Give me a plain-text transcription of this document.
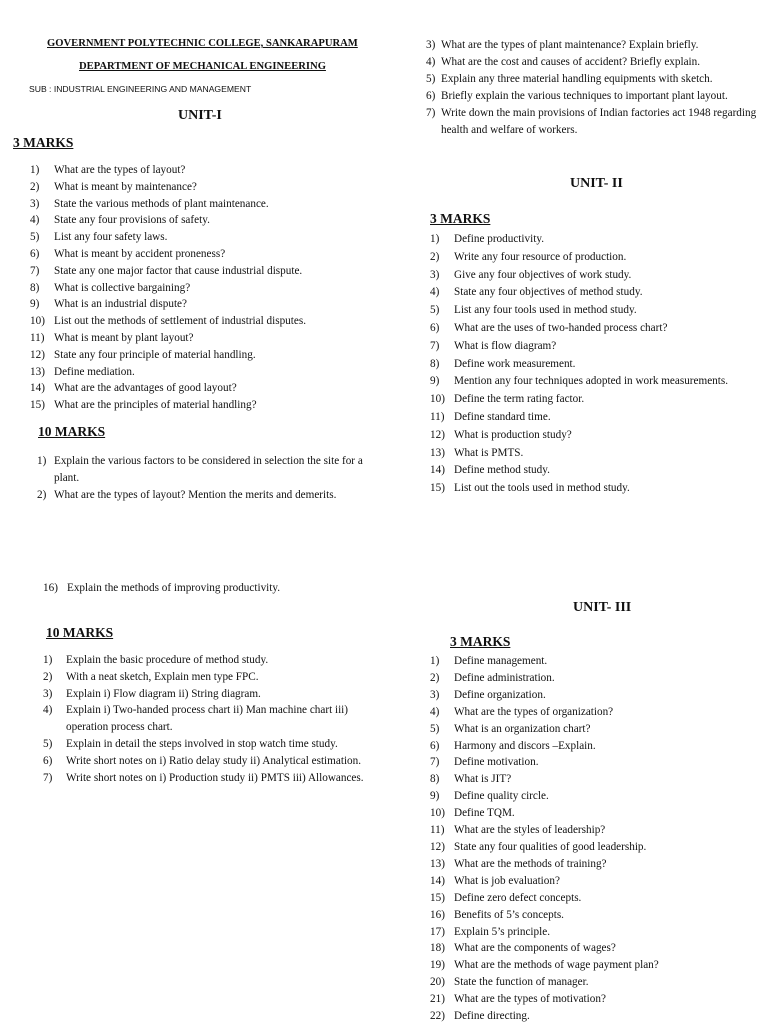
GOVERNMENT POLYTECHNIC COLLEGE, SANKARAPURAM
DEPARTMENT OF MECHANICAL ENGINEERING
SUB : INDUSTRIAL ENGINEERING AND MANAGEMENT
UNIT-I
3 MARKS
1)	What are the types of layout?
2)	What is meant by maintenance?
3)	State the various methods of plant maintenance.
4)	State any four provisions of safety.
5)	List any four safety laws.
6)	What is meant by accident proneness?
7)	State any one major factor that cause industrial dispute.
8)	What is collective bargaining?
9)	What is an industrial dispute?
10) List out the methods of settlement of industrial disputes.
11) What is meant by plant layout?
12) State any four principle of material handling.
13) Define mediation.
14) What are the advantages of good layout?
15) What are the principles of material handling?
10 MARKS
1) Explain the various factors to be considered in selection the site for a plant.
2) What are the types of layout? Mention the merits and demerits.
3) What are the types of plant maintenance? Explain briefly.
4) What are the cost and causes of accident? Briefly explain.
5) Explain any three material handling equipments with sketch.
6) Briefly explain the various techniques to important plant layout.
7) Write down the main provisions of Indian factories act 1948 regarding health and welfare of workers.
UNIT- II
3 MARKS
1)	Define productivity.
2)	Write any four resource of production.
3)	Give any four objectives of work study.
4)	State any four objectives of method study.
5)	List any four tools used in method study.
6)	What are the uses of two-handed process chart?
7)	What is flow diagram?
8)	Define work measurement.
9)	Mention any four techniques adopted in work measurements.
10) Define the term rating factor.
11) Define standard time.
12) What is production study?
13) What is PMTS.
14) Define method study.
15) List out the tools used in method study.
16) Explain the methods of improving productivity.
10 MARKS
1)	Explain the basic procedure of method study.
2)	With a neat sketch, Explain men type FPC.
3)	Explain i) Flow diagram ii) String diagram.
4)	Explain i) Two-handed process chart ii) Man machine chart iii) operation process chart.
5)	Explain in detail the steps involved in stop watch time study.
6)	Write short notes on i) Ratio delay study ii) Analytical estimation.
7)	Write short notes on i) Production study ii) PMTS iii) Allowances.
UNIT- III
3 MARKS
1)	Define management.
2)	Define administration.
3)	Define organization.
4)	What are the types of organization?
5)	What is an organization chart?
6)	Harmony and discors –Explain.
7)	Define motivation.
8)	What is JIT?
9)	Define quality circle.
10) Define TQM.
11) What are the styles of leadership?
12) State any four qualities of good leadership.
13) What are the methods of training?
14) What is job evaluation?
15) Define zero defect concepts.
16) Benefits of 5’s concepts.
17) Explain 5’s principle.
18) What are the components of wages?
19) What are the methods of wage payment plan?
20) State the function of manager.
21) What are the types of motivation?
22) Define directing.
